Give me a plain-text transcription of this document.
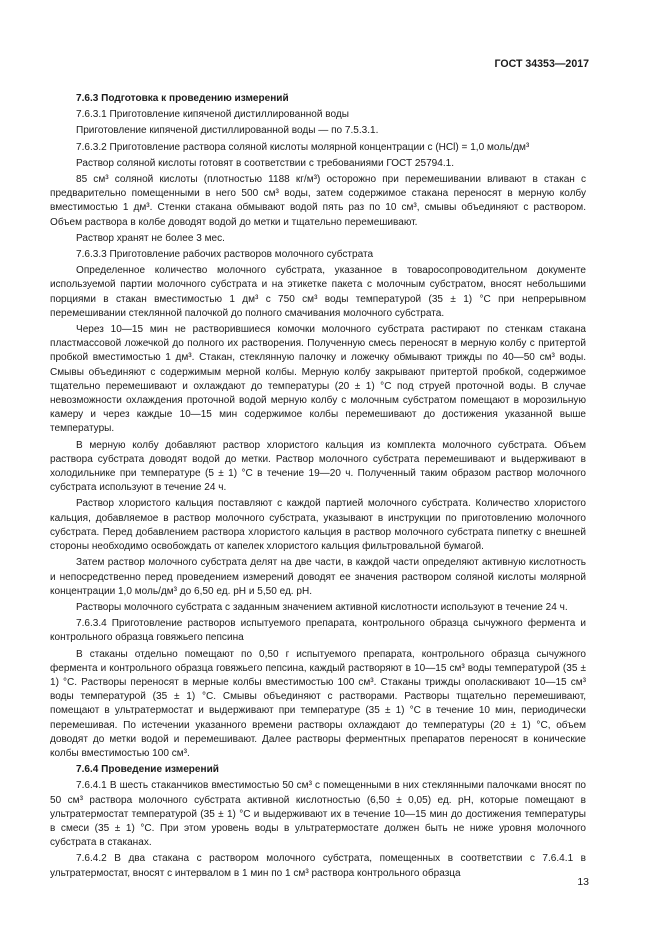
ГОСТ 34353—2017

7.6.3 Подготовка к проведению измерений

7.6.3.1 Приготовление кипяченой дистиллированной воды

Приготовление кипяченой дистиллированной воды — по 7.5.3.1.

7.6.3.2 Приготовление раствора соляной кислоты молярной концентрации c (HCl) = 1,0 моль/дм³

Раствор соляной кислоты готовят в соответствии с требованиями ГОСТ 25794.1.

85 см³ соляной кислоты (плотностью 1188 кг/м³) осторожно при перемешивании вливают в стакан с предварительно помещенными в него 500 см³ воды, затем содержимое стакана переносят в мерную колбу вместимостью 1 дм³. Стенки стакана обмывают водой пять раз по 10 см³, смывы объединяют с раствором. Объем раствора в колбе доводят водой до метки и тщательно перемешивают.

Раствор хранят не более 3 мес.

7.6.3.3 Приготовление рабочих растворов молочного субстрата

Определенное количество молочного субстрата, указанное в товаросопроводительном документе используемой партии молочного субстрата и на этикетке пакета с молочным субстратом, вносят небольшими порциями в стакан вместимостью 1 дм³ с 750 см³ воды температурой (35 ± 1) °С при непрерывном перемешивании стеклянной палочкой до полного смачивания молочного субстрата.

Через 10—15 мин не растворившиеся комочки молочного субстрата растирают по стенкам стакана пластмассовой ложечкой до полного их растворения. Полученную смесь переносят в мерную колбу с притертой пробкой вместимостью 1 дм³. Стакан, стеклянную палочку и ложечку обмывают трижды по 40—50 см³ воды. Смывы объединяют с содержимым мерной колбы. Мерную колбу закрывают притертой пробкой, содержимое тщательно перемешивают и охлаждают до температуры (20 ± 1) °С под струей проточной воды. В случае невозможности охлаждения проточной водой мерную колбу с молочным субстратом помещают в морозильную камеру и через каждые 10—15 мин содержимое колбы перемешивают до достижения указанной выше температуры.

В мерную колбу добавляют раствор хлористого кальция из комплекта молочного субстрата. Объем раствора субстрата доводят водой до метки. Раствор молочного субстрата перемешивают и выдерживают в холодильнике при температуре (5 ± 1) °С в течение 19—20 ч. Полученный таким образом раствор молочного субстрата используют в течение 24 ч.

Раствор хлористого кальция поставляют с каждой партией молочного субстрата. Количество хлористого кальция, добавляемое в раствор молочного субстрата, указывают в инструкции по приготовлению молочного субстрата. Перед добавлением раствора хлористого кальция в раствор молочного субстрата пипетку с внешней стороны необходимо освобождать от капелек хлористого кальция фильтровальной бумагой.

Затем раствор молочного субстрата делят на две части, в каждой части определяют активную кислотность и непосредственно перед проведением измерений доводят ее значения раствором соляной кислоты молярной концентрации 1,0 моль/дм³ до 6,50 ед. pH и 5,50 ед. pH.

Растворы молочного субстрата с заданным значением активной кислотности используют в течение 24 ч.

7.6.3.4 Приготовление растворов испытуемого препарата, контрольного образца сычужного фермента и контрольного образца говяжьего пепсина

В стаканы отдельно помещают по 0,50 г испытуемого препарата, контрольного образца сычужного фермента и контрольного образца говяжьего пепсина, каждый растворяют в 10—15 см³ воды температурой (35 ± 1) °С. Растворы переносят в мерные колбы вместимостью 100 см³. Стаканы трижды ополаскивают 10—15 см³ воды температурой (35 ± 1) °С. Смывы объединяют с растворами. Растворы тщательно перемешивают, помещают в ультратермостат и выдерживают при температуре (35 ± 1) °С в течение 10 мин, периодически перемешивая. По истечении указанного времени растворы охлаждают до температуры (20 ± 1) °С, объем доводят до метки водой и перемешивают. Далее растворы ферментных препаратов переносят в конические колбы вместимостью 100 см³.

7.6.4 Проведение измерений

7.6.4.1 В шесть стаканчиков вместимостью 50 см³ с помещенными в них стеклянными палочками вносят по 50 см³ раствора молочного субстрата активной кислотностью (6,50 ± 0,05) ед. pH, которые помещают в ультратермостат температурой (35 ± 1) °С и выдерживают их в течение 10—15 мин до достижения температуры в смеси (35 ± 1) °С. При этом уровень воды в ультратермостате должен быть не ниже уровня молочного субстрата в стаканах.

7.6.4.2 В два стакана с раствором молочного субстрата, помещенных в соответствии с 7.6.4.1 в ультратермостат, вносят с интервалом в 1 мин по 1 см³ раствора контрольного образца

13
